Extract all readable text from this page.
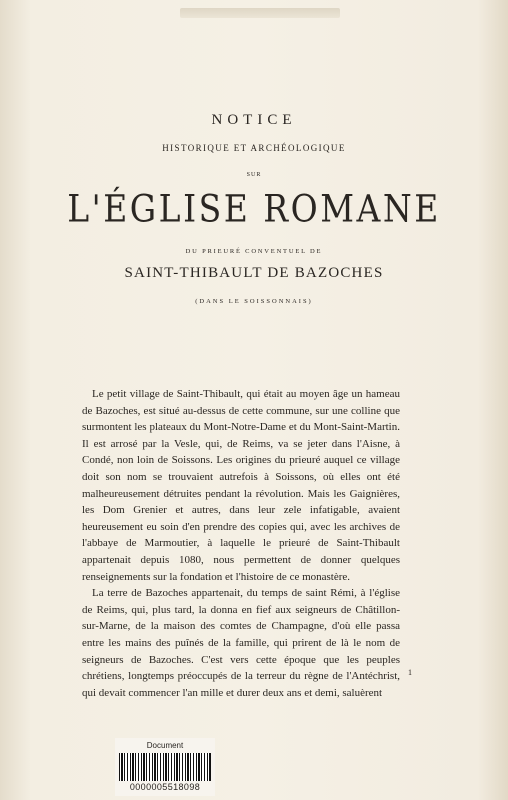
NOTICE
HISTORIQUE ET ARCHÉOLOGIQUE
SUR
L'ÉGLISE ROMANE
DU PRIEURÉ CONVENTUEL DE
SAINT-THIBAULT DE BAZOCHES
(DANS LE SOISSONNAIS)

Le petit village de Saint-Thibault, qui était au moyen âge un hameau de Bazoches, est situé au-dessus de cette commune, sur une colline que surmontent les plateaux du Mont-Notre-Dame et du Mont-Saint-Martin. Il est arrosé par la Vesle, qui, de Reims, va se jeter dans l'Aisne, à Condé, non loin de Soissons. Les origines du prieuré auquel ce village doit son nom se trouvaient autrefois à Soissons, où elles ont été malheureusement détruites pendant la révolution. Mais les Gaignières, les Dom Grenier et autres, dans leur zele infatigable, avaient heureusement eu soin d'en prendre des copies qui, avec les archives de l'abbaye de Marmoutier, à laquelle le prieuré de Saint-Thibault appartenait depuis 1080, nous permettent de donner quelques renseignements sur la fondation et l'histoire de ce monastère.

La terre de Bazoches appartenait, du temps de saint Rémi, à l'église de Reims, qui, plus tard, la donna en fief aux seigneurs de Châtillon-sur-Marne, de la maison des comtes de Champagne, d'où elle passa entre les mains des puînés de la famille, qui prirent de là le nom de seigneurs de Bazoches. C'est vers cette époque que les peuples chrétiens, longtemps préoccupés de la terreur du règne de l'Antéchrist, qui devait commencer l'an mille et durer deux ans et demi, saluèrent

1
Document
0000005518098
